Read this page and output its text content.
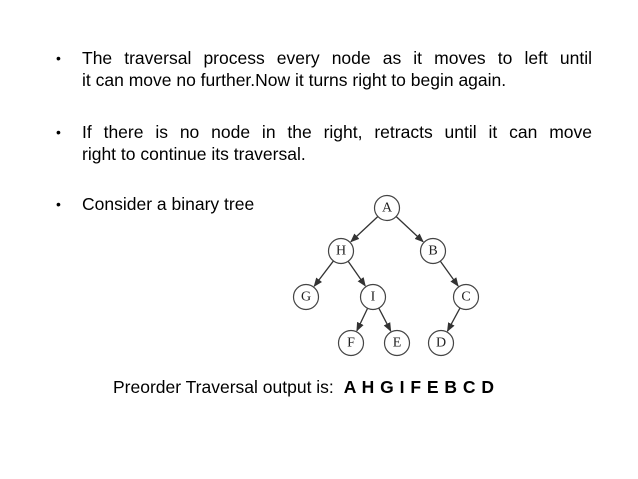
• The traversal process every node as it moves to left until
it can move no further.Now it turns right to begin again.
• If there is no node in the right, retracts until it can move
right to continue its traversal.
• Consider a binary tree	A
H	B
G	I	C
F	E D
Preorder Traversal output is: A H G I F E B C D
